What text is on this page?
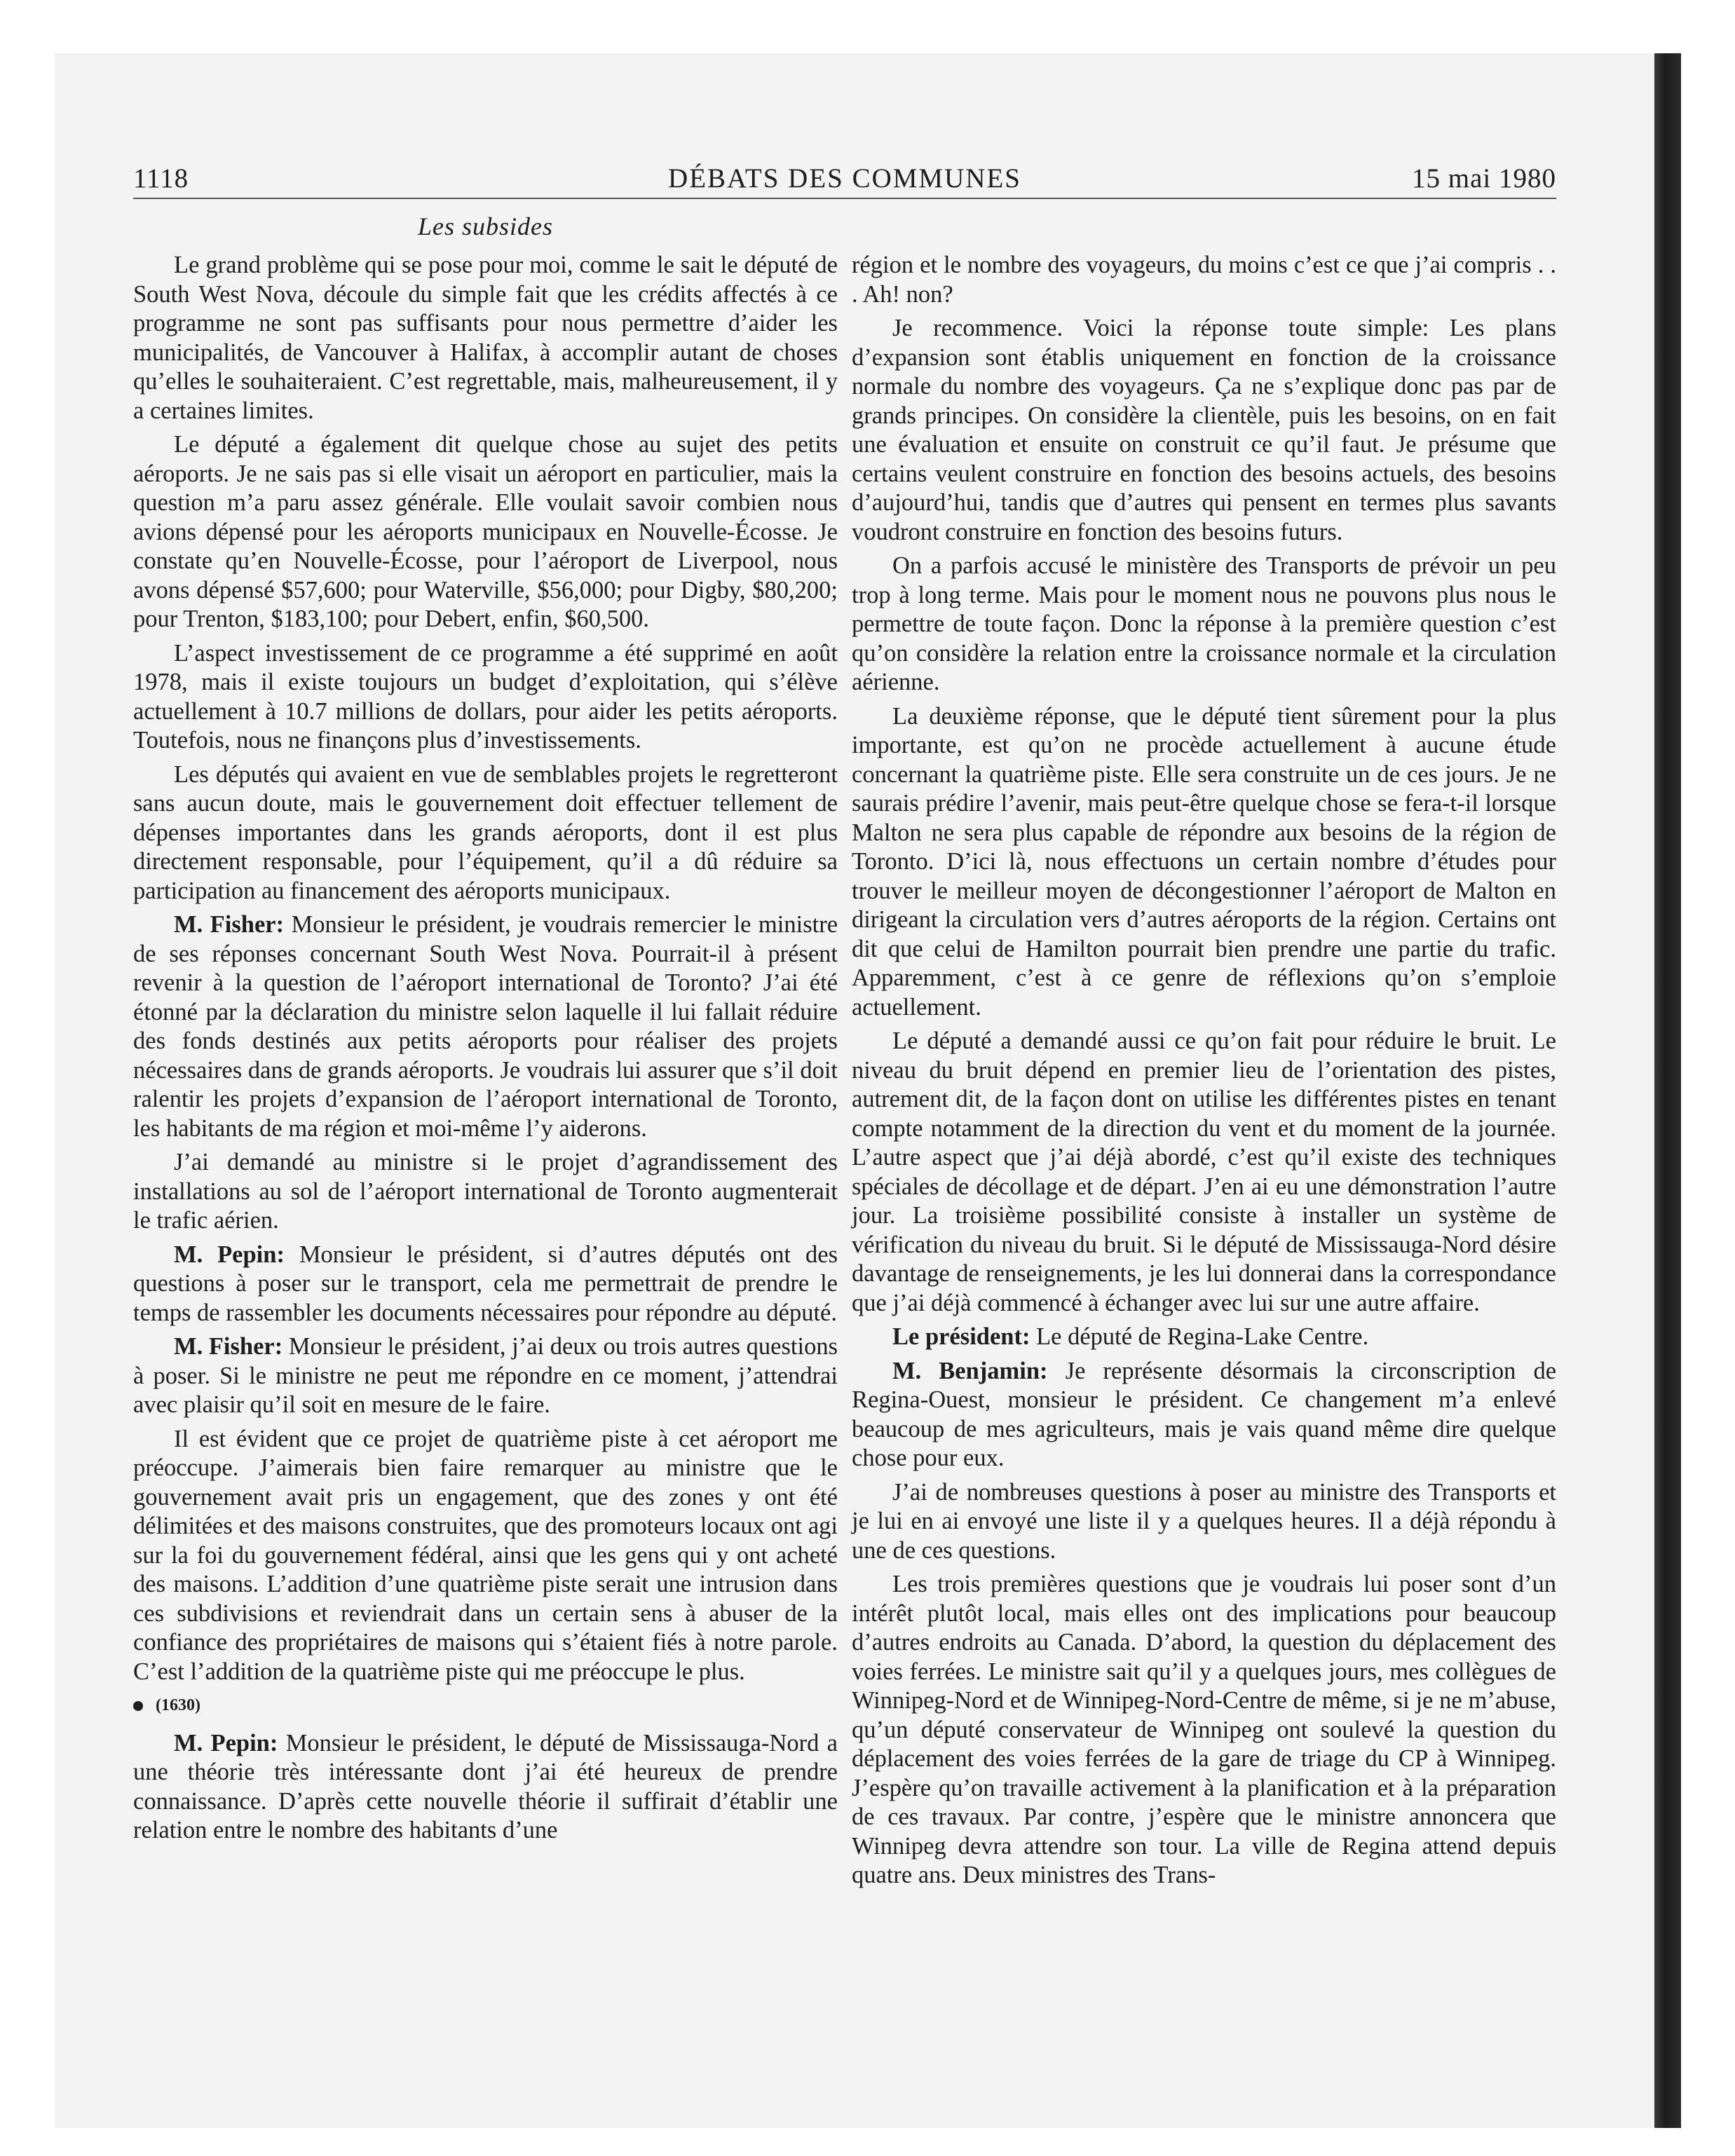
1118	DÉBATS DES COMMUNES	15 mai 1980
Les subsides

Le grand problème qui se pose pour moi, comme le sait le député de South West Nova, découle du simple fait que les crédits affectés à ce programme ne sont pas suffisants pour nous permettre d’aider les municipalités, de Vancouver à Halifax, à accomplir autant de choses qu’elles le souhaiteraient. C’est regrettable, mais, malheureusement, il y a certaines limites.

Le député a également dit quelque chose au sujet des petits aéroports. Je ne sais pas si elle visait un aéroport en particulier, mais la question m’a paru assez générale. Elle voulait savoir combien nous avions dépensé pour les aéroports municipaux en Nouvelle-Écosse. Je constate qu’en Nouvelle-Écosse, pour l’aéroport de Liverpool, nous avons dépensé $57,600; pour Waterville, $56,000; pour Digby, $80,200; pour Trenton, $183,100; pour Debert, enfin, $60,500.

L’aspect investissement de ce programme a été supprimé en août 1978, mais il existe toujours un budget d’exploitation, qui s’élève actuellement à 10.7 millions de dollars, pour aider les petits aéroports. Toutefois, nous ne finançons plus d’investissements.

Les députés qui avaient en vue de semblables projets le regretteront sans aucun doute, mais le gouvernement doit effectuer tellement de dépenses importantes dans les grands aéroports, dont il est plus directement responsable, pour l’équipement, qu’il a dû réduire sa participation au financement des aéroports municipaux.

M. Fisher: Monsieur le président, je voudrais remercier le ministre de ses réponses concernant South West Nova. Pourrait-il à présent revenir à la question de l’aéroport international de Toronto? J’ai été étonné par la déclaration du ministre selon laquelle il lui fallait réduire des fonds destinés aux petits aéroports pour réaliser des projets nécessaires dans de grands aéroports. Je voudrais lui assurer que s’il doit ralentir les projets d’expansion de l’aéroport international de Toronto, les habitants de ma région et moi-même l’y aiderons.

J’ai demandé au ministre si le projet d’agrandissement des installations au sol de l’aéroport international de Toronto augmenterait le trafic aérien.

M. Pepin: Monsieur le président, si d’autres députés ont des questions à poser sur le transport, cela me permettrait de prendre le temps de rassembler les documents nécessaires pour répondre au député.

M. Fisher: Monsieur le président, j’ai deux ou trois autres questions à poser. Si le ministre ne peut me répondre en ce moment, j’attendrai avec plaisir qu’il soit en mesure de le faire.

Il est évident que ce projet de quatrième piste à cet aéroport me préoccupe. J’aimerais bien faire remarquer au ministre que le gouvernement avait pris un engagement, que des zones y ont été délimitées et des maisons construites, que des promoteurs locaux ont agi sur la foi du gouvernement fédéral, ainsi que les gens qui y ont acheté des maisons. L’addition d’une quatrième piste serait une intrusion dans ces subdivisions et reviendrait dans un certain sens à abuser de la confiance des propriétaires de maisons qui s’étaient fiés à notre parole. C’est l’addition de la quatrième piste qui me préoccupe le plus.

(1630)

M. Pepin: Monsieur le président, le député de Mississauga-Nord a une théorie très intéressante dont j’ai été heureux de prendre connaissance. D’après cette nouvelle théorie il suffirait d’établir une relation entre le nombre des habitants d’une

région et le nombre des voyageurs, du moins c’est ce que j’ai compris . . . Ah! non?

Je recommence. Voici la réponse toute simple: Les plans d’expansion sont établis uniquement en fonction de la croissance normale du nombre des voyageurs. Ça ne s’explique donc pas par de grands principes. On considère la clientèle, puis les besoins, on en fait une évaluation et ensuite on construit ce qu’il faut. Je présume que certains veulent construire en fonction des besoins actuels, des besoins d’aujourd’hui, tandis que d’autres qui pensent en termes plus savants voudront construire en fonction des besoins futurs.

On a parfois accusé le ministère des Transports de prévoir un peu trop à long terme. Mais pour le moment nous ne pouvons plus nous le permettre de toute façon. Donc la réponse à la première question c’est qu’on considère la relation entre la croissance normale et la circulation aérienne.

La deuxième réponse, que le député tient sûrement pour la plus importante, est qu’on ne procède actuellement à aucune étude concernant la quatrième piste. Elle sera construite un de ces jours. Je ne saurais prédire l’avenir, mais peut-être quelque chose se fera-t-il lorsque Malton ne sera plus capable de répondre aux besoins de la région de Toronto. D’ici là, nous effectuons un certain nombre d’études pour trouver le meilleur moyen de décongestionner l’aéroport de Malton en dirigeant la circulation vers d’autres aéroports de la région. Certains ont dit que celui de Hamilton pourrait bien prendre une partie du trafic. Apparemment, c’est à ce genre de réflexions qu’on s’emploie actuellement.

Le député a demandé aussi ce qu’on fait pour réduire le bruit. Le niveau du bruit dépend en premier lieu de l’orientation des pistes, autrement dit, de la façon dont on utilise les différentes pistes en tenant compte notamment de la direction du vent et du moment de la journée. L’autre aspect que j’ai déjà abordé, c’est qu’il existe des techniques spéciales de décollage et de départ. J’en ai eu une démonstration l’autre jour. La troisième possibilité consiste à installer un système de vérification du niveau du bruit. Si le député de Mississauga-Nord désire davantage de renseignements, je les lui donnerai dans la correspondance que j’ai déjà commencé à échanger avec lui sur une autre affaire.

Le président: Le député de Regina-Lake Centre.

M. Benjamin: Je représente désormais la circonscription de Regina-Ouest, monsieur le président. Ce changement m’a enlevé beaucoup de mes agriculteurs, mais je vais quand même dire quelque chose pour eux.

J’ai de nombreuses questions à poser au ministre des Transports et je lui en ai envoyé une liste il y a quelques heures. Il a déjà répondu à une de ces questions.

Les trois premières questions que je voudrais lui poser sont d’un intérêt plutôt local, mais elles ont des implications pour beaucoup d’autres endroits au Canada. D’abord, la question du déplacement des voies ferrées. Le ministre sait qu’il y a quelques jours, mes collègues de Winnipeg-Nord et de Winnipeg-Nord-Centre de même, si je ne m’abuse, qu’un député conservateur de Winnipeg ont soulevé la question du déplacement des voies ferrées de la gare de triage du CP à Winnipeg. J’espère qu’on travaille activement à la planification et à la préparation de ces travaux. Par contre, j’espère que le ministre annoncera que Winnipeg devra attendre son tour. La ville de Regina attend depuis quatre ans. Deux ministres des Trans-
